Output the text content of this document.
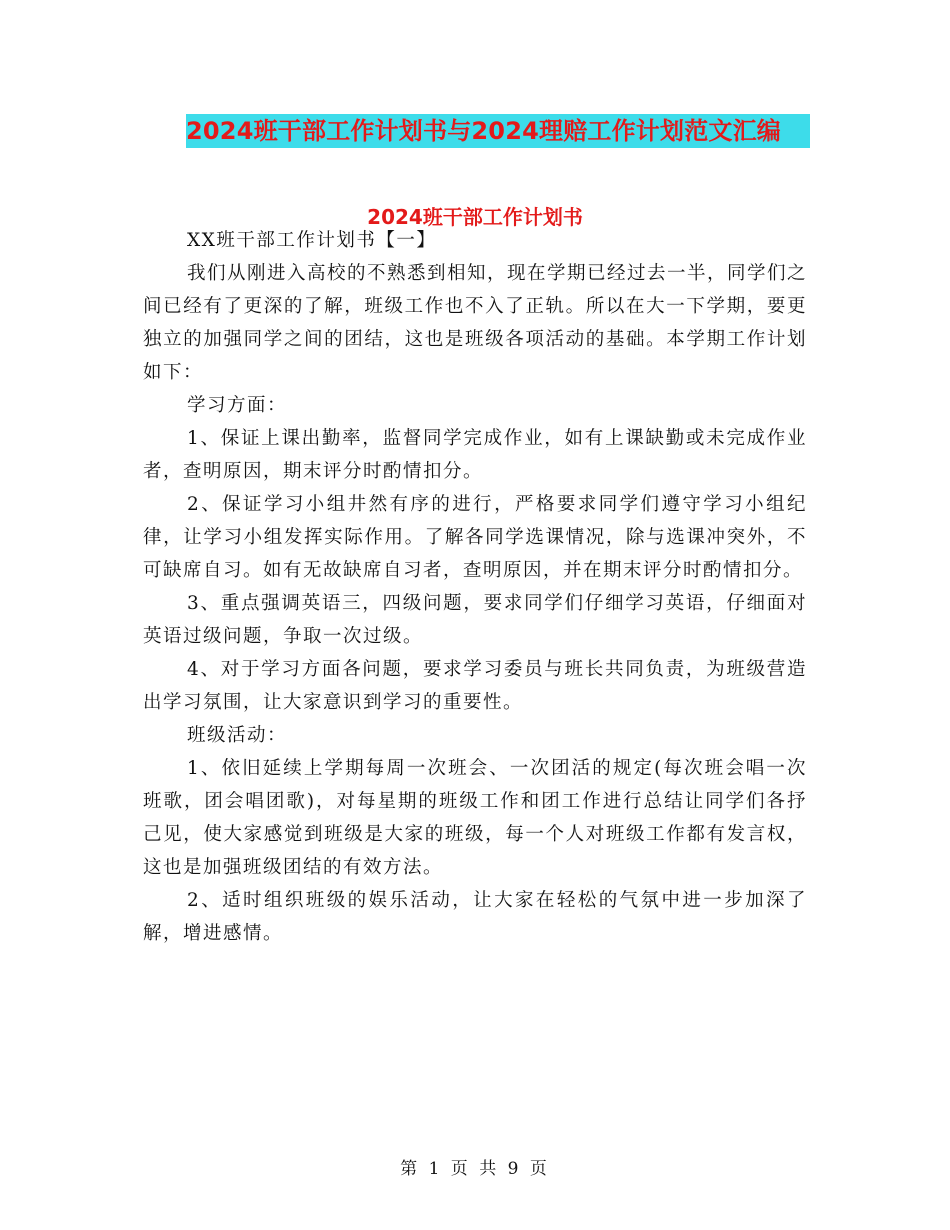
2024班干部工作计划书与2024理赔工作计划范文汇编
2024班干部工作计划书

XX班干部工作计划书【一】

我们从刚进入高校的不熟悉到相知，现在学期已经过去一半，同学们之间已经有了更深的了解，班级工作也不入了正轨。所以在大一下学期，要更独立的加强同学之间的团结，这也是班级各项活动的基础。本学期工作计划如下：

学习方面：

1、保证上课出勤率，监督同学完成作业，如有上课缺勤或未完成作业者，查明原因，期末评分时酌情扣分。

2、保证学习小组井然有序的进行，严格要求同学们遵守学习小组纪律，让学习小组发挥实际作用。了解各同学选课情况，除与选课冲突外，不可缺席自习。如有无故缺席自习者，查明原因，并在期末评分时酌情扣分。

3、重点强调英语三，四级问题，要求同学们仔细学习英语，仔细面对英语过级问题，争取一次过级。

4、对于学习方面各问题，要求学习委员与班长共同负责，为班级营造出学习氛围，让大家意识到学习的重要性。

班级活动：

1、依旧延续上学期每周一次班会、一次团活的规定(每次班会唱一次班歌，团会唱团歌)，对每星期的班级工作和团工作进行总结让同学们各抒己见，使大家感觉到班级是大家的班级，每一个人对班级工作都有发言权，这也是加强班级团结的有效方法。

2、适时组织班级的娱乐活动，让大家在轻松的气氛中进一步加深了解，增进感情。

第 1 页 共 9 页
